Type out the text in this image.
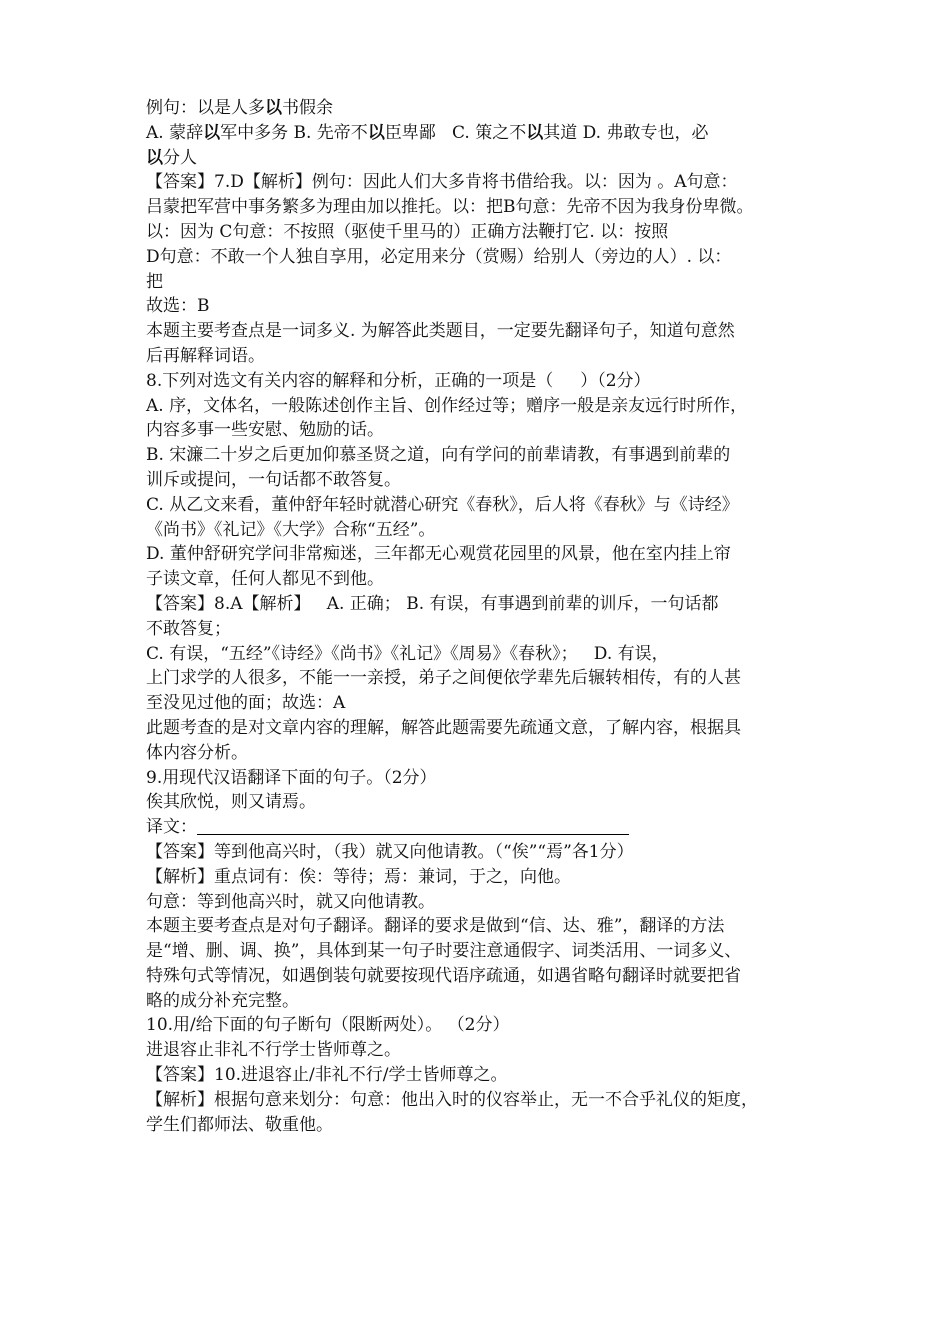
例句：以是人多以书假余
A. 蒙辞以军中多务 B. 先帝不以臣卑鄙   C. 策之不以其道 D. 弗敢专也，必
以分人
【答案】7.D【解析】例句：因此人们大多肯将书借给我。以：因为 。A句意：
吕蒙把军营中事务繁多为理由加以推托。以：把B句意：先帝不因为我身份卑微。
以：因为 C句意：不按照（驱使千里马的）正确方法鞭打它. 以：按照
D句意：不敢一个人独自享用，必定用来分（赏赐）给别人（旁边的人）. 以：
把
故选：B
本题主要考查点是一词多义. 为解答此类题目，一定要先翻译句子，知道句意然
后再解释词语。
8.下列对选文有关内容的解释和分析，正确的一项是（     ）（2分）
A. 序，文体名，一般陈述创作主旨、创作经过等；赠序一般是亲友远行时所作，
内容多事一些安慰、勉励的话。
B. 宋濂二十岁之后更加仰慕圣贤之道，向有学问的前辈请教，有事遇到前辈的
训斥或提问，一句话都不敢答复。
C. 从乙文来看，董仲舒年轻时就潜心研究《春秋》，后人将《春秋》与《诗经》
《尚书》《礼记》《大学》合称“五经”。
D. 董仲舒研究学问非常痴迷，三年都无心观赏花园里的风景，他在室内挂上帘
子读文章，任何人都见不到他。
【答案】8.A【解析】   A. 正确； B. 有误，有事遇到前辈的训斥，一句话都
不敢答复；
C. 有误，“五经”《诗经》《尚书》《礼记》《周易》《春秋》；   D. 有误，
上门求学的人很多，不能一一亲授，弟子之间便依学辈先后辗转相传，有的人甚
至没见过他的面；故选：A
此题考查的是对文章内容的理解，解答此题需要先疏通文意，了解内容，根据具
体内容分析。
9.用现代汉语翻译下面的句子。（2分）
俟其欣悦，则又请焉。
译文：
【答案】等到他高兴时，（我）就又向他请教。（“俟”“焉”各1分）
【解析】重点词有：俟：等待；焉：兼词，于之，向他。
句意：等到他高兴时，就又向他请教。
本题主要考查点是对句子翻译。翻译的要求是做到“信、达、雅”，翻译的方法
是“增、删、调、换”，具体到某一句子时要注意通假字、词类活用、一词多义、
特殊句式等情况，如遇倒装句就要按现代语序疏通，如遇省略句翻译时就要把省
略的成分补充完整。
10.用/给下面的句子断句（限断两处）。 （2分）
进退容止非礼不行学士皆师尊之。
【答案】10.进退容止/非礼不行/学士皆师尊之。
【解析】根据句意来划分：句意：他出入时的仪容举止，无一不合乎礼仪的矩度，
学生们都师法、敬重他。
